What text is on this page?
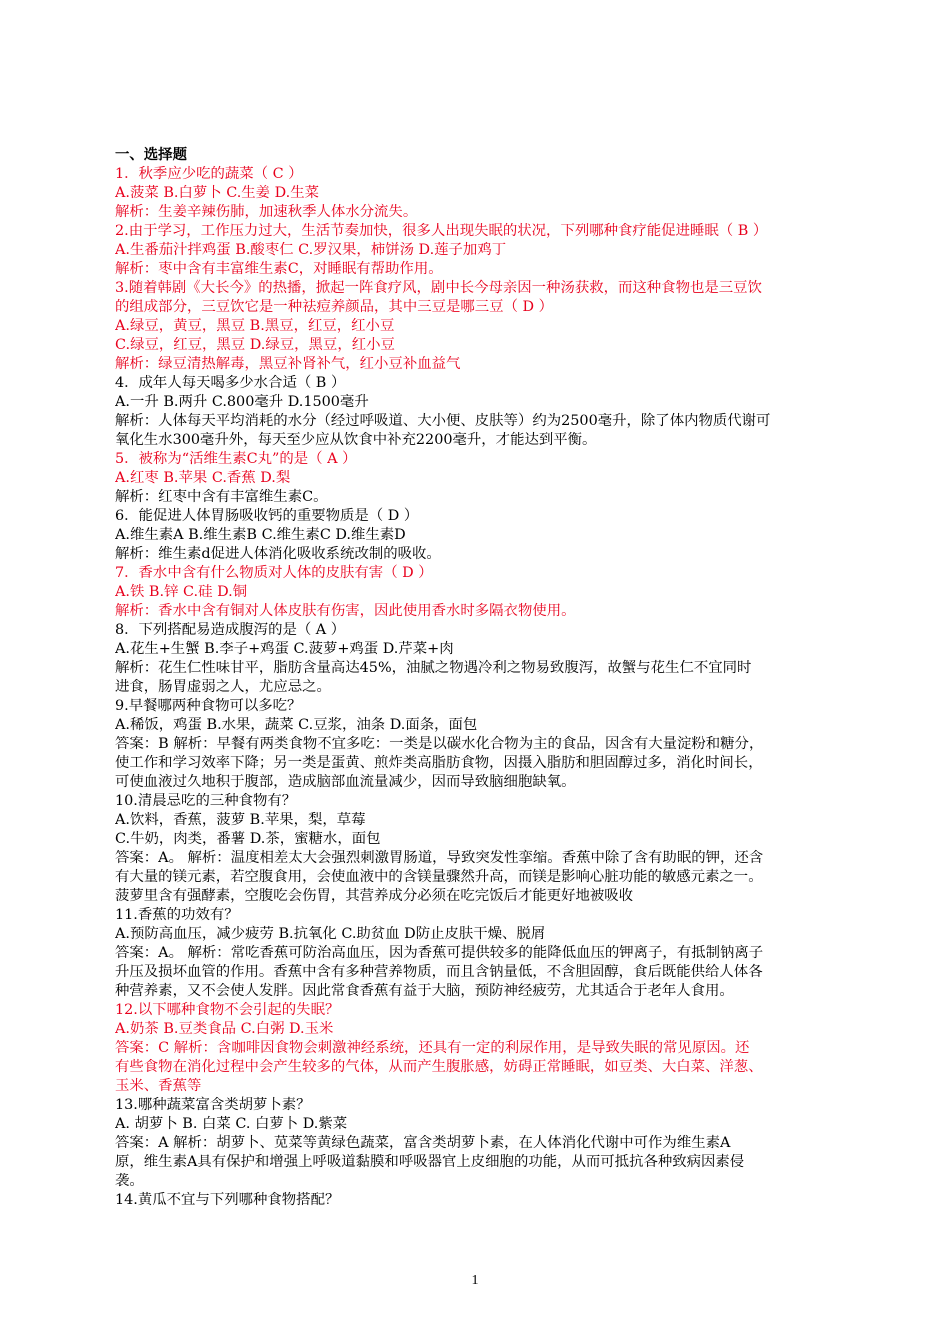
一、选择题
1．秋季应少吃的蔬菜（ C ）
A.菠菜 B.白萝卜 C.生姜 D.生菜
解析：生姜辛辣伤肺，加速秋季人体水分流失。
2.由于学习，工作压力过大，生活节奏加快，很多人出现失眠的状况，下列哪种食疗能促进睡眠（ B ）
A.生番茄汁拌鸡蛋 B.酸枣仁 C.罗汉果，柿饼汤 D.莲子加鸡丁
解析：枣中含有丰富维生素C，对睡眠有帮助作用。
3.随着韩剧《大长今》的热播，掀起一阵食疗风，剧中长今母亲因一种汤获救，而这种食物也是三豆饮
的组成部分，三豆饮它是一种祛痘养颜品，其中三豆是哪三豆（ D ）
A.绿豆，黄豆，黑豆 B.黑豆，红豆，红小豆
C.绿豆，红豆，黑豆 D.绿豆，黑豆，红小豆
解析：绿豆清热解毒，黑豆补肾补气，红小豆补血益气
4．成年人每天喝多少水合适（ B ）
A.一升 B.两升 C.800毫升 D.1500毫升
解析：人体每天平均消耗的水分（经过呼吸道、大小便、皮肤等）约为2500毫升，除了体内物质代谢可
氧化生水300毫升外，每天至少应从饮食中补充2200毫升，才能达到平衡。
5．被称为“活维生素C丸”的是（ A ）
A.红枣 B.苹果 C.香蕉 D.梨
解析：红枣中含有丰富维生素C。
6．能促进人体胃肠吸收钙的重要物质是（ D ）
A.维生素A B.维生素B C.维生素C D.维生素D
解析：维生素d促进人体消化吸收系统改制的吸收。
7．香水中含有什么物质对人体的皮肤有害（ D ）
A.铁 B.锌 C.硅 D.铜
解析：香水中含有铜对人体皮肤有伤害，因此使用香水时多隔衣物使用。
8．下列搭配易造成腹泻的是（ A ）
A.花生+生蟹 B.李子+鸡蛋 C.菠萝+鸡蛋 D.芹菜+肉
解析：花生仁性味甘平，脂肪含量高达45%，油腻之物遇冷利之物易致腹泻，故蟹与花生仁不宜同时
进食，肠胃虚弱之人，尤应忌之。
9.早餐哪两种食物可以多吃？
A.稀饭，鸡蛋 B.水果，蔬菜 C.豆浆，油条 D.面条，面包
答案：B 解析：早餐有两类食物不宜多吃：一类是以碳水化合物为主的食品，因含有大量淀粉和糖分，
使工作和学习效率下降；另一类是蛋黄、煎炸类高脂肪食物，因摄入脂肪和胆固醇过多，消化时间长，
可使血液过久地积于腹部，造成脑部血流量减少，因而导致脑细胞缺氧。
10.清晨忌吃的三种食物有？
A.饮料，香蕉，菠萝 B.苹果，梨，草莓
C.牛奶，肉类，番薯 D.茶，蜜糖水，面包
答案：A。 解析：温度相差太大会强烈刺激胃肠道，导致突发性挛缩。香蕉中除了含有助眠的钾，还含
有大量的镁元素，若空腹食用，会使血液中的含镁量骤然升高，而镁是影响心脏功能的敏感元素之一。
菠萝里含有强酵素，空腹吃会伤胃，其营养成分必须在吃完饭后才能更好地被吸收
11.香蕉的功效有？
A.预防高血压，减少疲劳 B.抗氧化 C.助贫血 D防止皮肤干燥、脱屑
答案：A。 解析：常吃香蕉可防治高血压，因为香蕉可提供较多的能降低血压的钾离子，有抵制钠离子
升压及损坏血管的作用。香蕉中含有多种营养物质，而且含钠量低，不含胆固醇，食后既能供给人体各
种营养素，又不会使人发胖。因此常食香蕉有益于大脑，预防神经疲劳，尤其适合于老年人食用。
12.以下哪种食物不会引起的失眠？
A.奶茶 B.豆类食品 C.白粥 D.玉米
答案：C 解析：含咖啡因食物会刺激神经系统，还具有一定的利尿作用，是导致失眠的常见原因。还
有些食物在消化过程中会产生较多的气体，从而产生腹胀感，妨碍正常睡眠，如豆类、大白菜、洋葱、
玉米、香蕉等
13.哪种蔬菜富含类胡萝卜素？
A. 胡萝卜 B. 白菜 C. 白萝卜 D.紫菜
答案：A 解析：胡萝卜、苋菜等黄绿色蔬菜，富含类胡萝卜素，在人体消化代谢中可作为维生素A
原，维生素A具有保护和增强上呼吸道黏膜和呼吸器官上皮细胞的功能，从而可抵抗各种致病因素侵
袭。
14.黄瓜不宜与下列哪种食物搭配？
1
